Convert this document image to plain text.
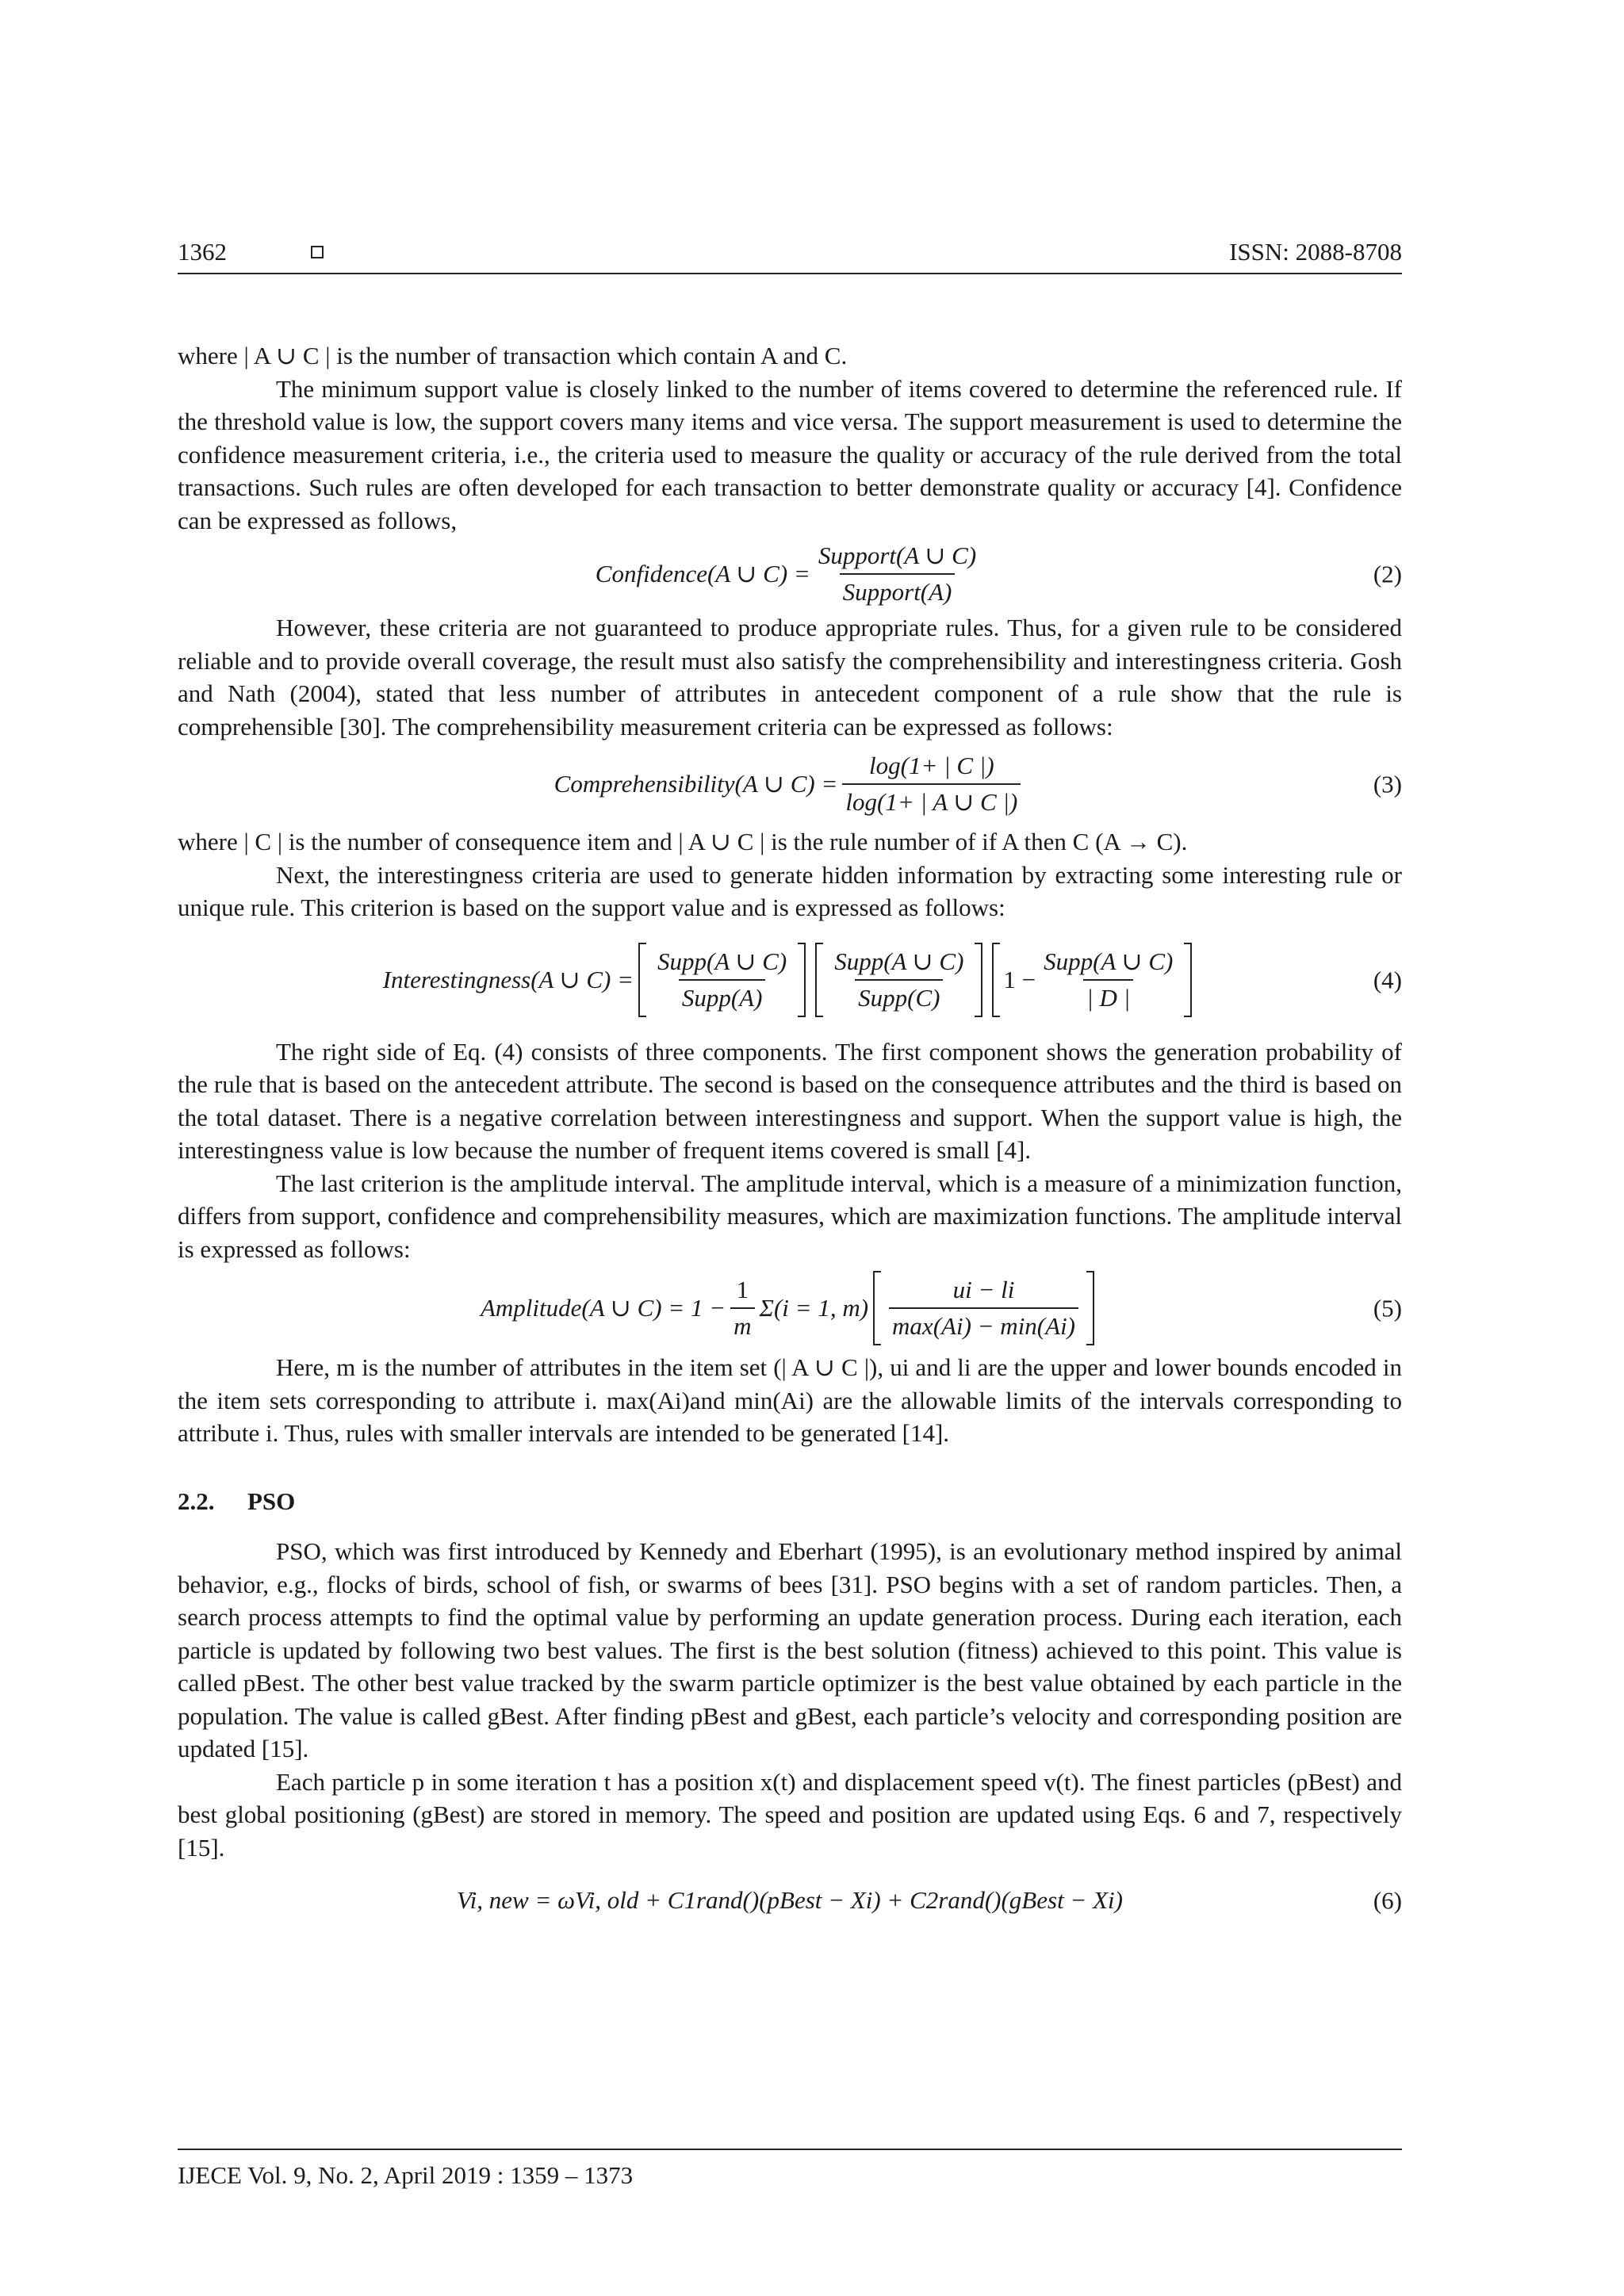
1362	ISSN: 2088-8708

where | A ∪ C | is the number of transaction which contain A and C.

The minimum support value is closely linked to the number of items covered to determine the referenced rule. If the threshold value is low, the support covers many items and vice versa. The support measurement is used to determine the confidence measurement criteria, i.e., the criteria used to measure the quality or accuracy of the rule derived from the total transactions. Such rules are often developed for each transaction to better demonstrate quality or accuracy [4]. Confidence can be expressed as follows,

Confidence(A ∪ $C) = \frac{\text{Support(A ∪ C)}}{\text{Support(A)}}$	(2)

However, these criteria are not guaranteed to produce appropriate rules. Thus, for a given rule to be considered reliable and to provide overall coverage, the result must also satisfy the comprehensibility and interestingness criteria. Gosh and Nath (2004), stated that less number of attributes in antecedent component of a rule show that the rule is comprehensible [30]. The comprehensibility measurement criteria can be expressed as follows:

Comprehensibility(A ∪ $C) = \frac{\log(1+ | C |)}{\log(1+ | A \cup C |)}$	(3)

where | C | is the number of consequence item and | A ∪ C | is the rule number of if A then C (A → C).

Next, the interestingness criteria are used to generate hidden information by extracting some interesting rule or unique rule. This criterion is based on the support value and is expressed as follows:

Interestingness(A ∪ $C) = \frac{\text{Supp(A ∪ C)}}{\text{Supp(A)}} \frac{\text{Supp(A ∪ C)}}{\text{Supp(C)}} 1 - \frac{\text{Supp(A ∪ C)}}{| D |}$	(4)

The right side of Eq. (4) consists of three components. The first component shows the generation probability of the rule that is based on the antecedent attribute. The second is based on the consequence attributes and the third is based on the total dataset. There is a negative correlation between interestingness and support. When the support value is high, the interestingness value is low because the number of frequent items covered is small [4].

The last criterion is the amplitude interval. The amplitude interval, which is a measure of a minimization function, differs from support, confidence and comprehensibility measures, which are maximization functions. The amplitude interval is expressed as follows:

Amplitude(A ∪ $C) = 1 - \frac{1}{m} \Sigma(i = 1$, $m) \frac{ui - li}{\max(Ai) - \min(Ai)}$	(5)

Here, m is the number of attributes in the item set (| A ∪ C |), ui and li are the upper and lower bounds encoded in the item sets corresponding to attribute i. max(Ai)and min(Ai) are the allowable limits of the intervals corresponding to attribute i. Thus, rules with smaller intervals are intended to be generated [14].

2.2. PSO

PSO, which was first introduced by Kennedy and Eberhart (1995), is an evolutionary method inspired by animal behavior, e.g., flocks of birds, school of fish, or swarms of bees [31]. PSO begins with a set of random particles. Then, a search process attempts to find the optimal value by performing an update generation process. During each iteration, each particle is updated by following two best values. The first is the best solution (fitness) achieved to this point. This value is called pBest. The other best value tracked by the swarm particle optimizer is the best value obtained by each particle in the population. The value is called gBest. After finding pBest and gBest, each particle’s velocity and corresponding position are updated [15].

Each particle p in some iteration t has a position x(t) and displacement speed v(t). The finest particles (pBest) and best global positioning (gBest) are stored in memory. The speed and position are updated using Eqs. 6 and 7, respectively [15].

Vi, new = ωVi, old + C1rand()(pBest − Xi) + C2rand()(gBest − Xi)	(6)
IJECE Vol. 9, No. 2, April 2019 : 1359 – 1373
